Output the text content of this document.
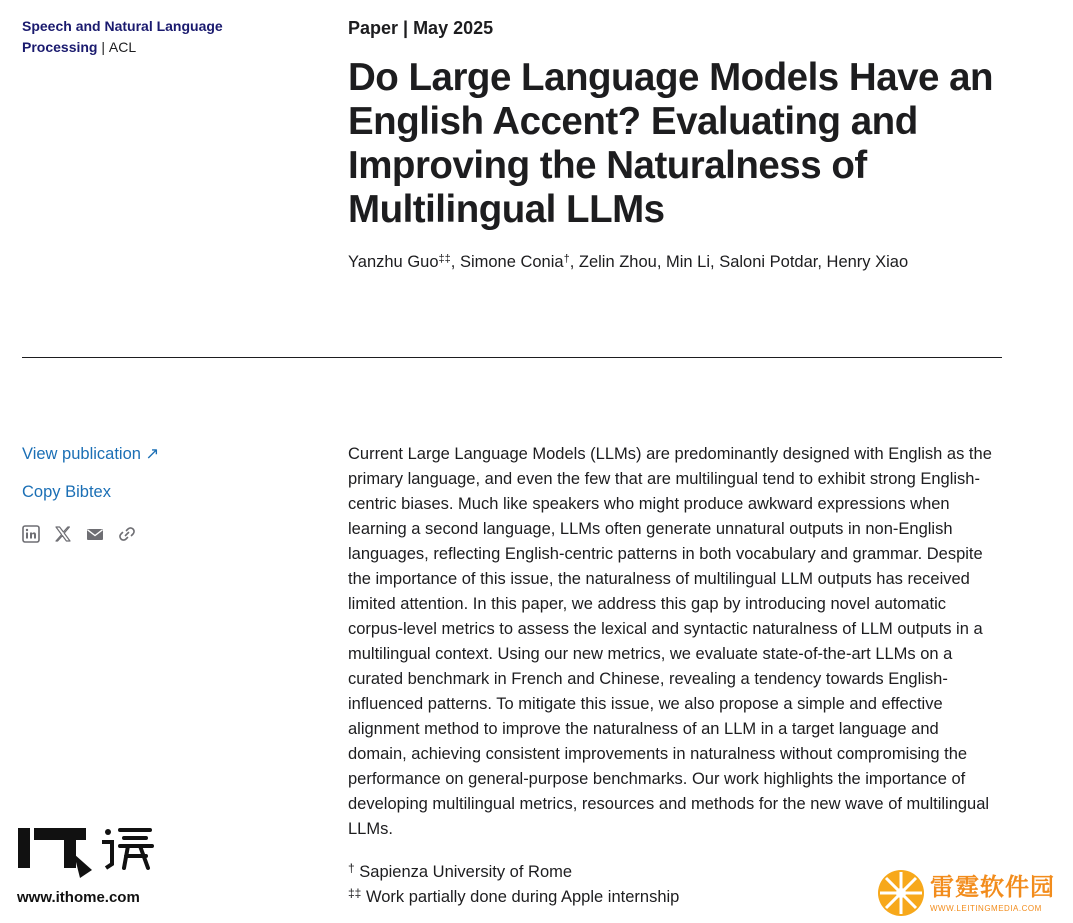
Speech and Natural Language Processing | ACL
Paper | May 2025
Do Large Language Models Have an English Accent? Evaluating and Improving the Naturalness of Multilingual LLMs
Yanzhu Guo‡‡, Simone Conia†, Zelin Zhou, Min Li, Saloni Potdar, Henry Xiao
View publication ↗
Copy Bibtex

Current Large Language Models (LLMs) are predominantly designed with English as the primary language, and even the few that are multilingual tend to exhibit strong English-centric biases. Much like speakers who might produce awkward expressions when learning a second language, LLMs often generate unnatural outputs in non-English languages, reflecting English-centric patterns in both vocabulary and grammar. Despite the importance of this issue, the naturalness of multilingual LLM outputs has received limited attention. In this paper, we address this gap by introducing novel automatic corpus-level metrics to assess the lexical and syntactic naturalness of LLM outputs in a multilingual context. Using our new metrics, we evaluate state-of-the-art LLMs on a curated benchmark in French and Chinese, revealing a tendency towards English-influenced patterns. To mitigate this issue, we also propose a simple and effective alignment method to improve the naturalness of an LLM in a target language and domain, achieving consistent improvements in naturalness without compromising the performance on general-purpose benchmarks. Our work highlights the importance of developing multilingual metrics, resources and methods for the new wave of multilingual LLMs.

† Sapienza University of Rome
‡‡ Work partially done during Apple internship
www.ithome.com	雷霆软件园
WWW.LEITINGMEDIA.COM
